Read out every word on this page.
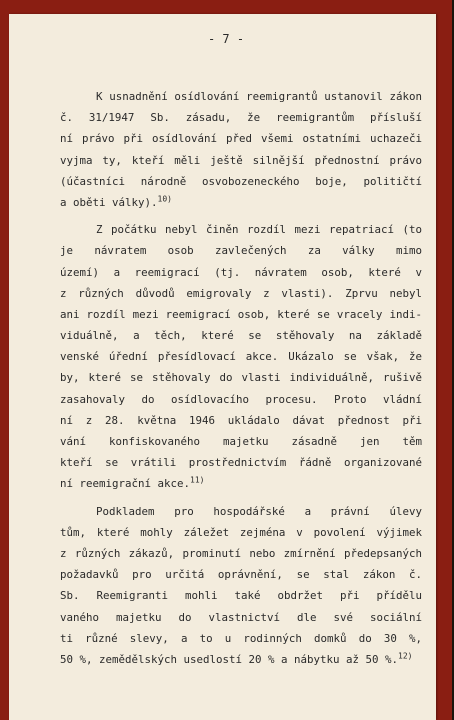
- 7 -
K usnadnění osídlování reemigrantů ustanovil zákon
č. 31/1947 Sb. zásadu, že reemigrantům přísluší
ní právo při osídlování před všemi ostatními uchazeči
vyjma ty, kteří měli ještě silnější přednostní právo
(účastníci národně osvobozeneckého boje, političtí
a oběti války).$^{10)}$
Z počátku nebyl činěn rozdíl mezi repatriací (to
je návratem osob zavlečených za války mimo
území) a reemigrací (tj. návratem osob, které v
z různých důvodů emigrovaly z vlasti). Zprvu nebyl
ani rozdíl mezi reemigrací osob, které se vracely indi-
viduálně, a těch, které se stěhovaly na základě
venské úřední přesídlovací akce. Ukázalo se však, že
by, které se stěhovaly do vlasti individuálně, rušivě
zasahovaly do osídlovacího procesu. Proto vládní
ní z 28. května 1946 ukládalo dávat přednost při
vání konfiskovaného majetku zásadně jen těm
kteří se vrátili prostřednictvím řádně organizované
ní reemigrační akce.$^{11)}$
Podkladem pro hospodářské a právní úlevy
tům, které mohly záležet zejména v povolení výjimek
z různých zákazů, prominutí nebo zmírnění předepsaných
požadavků pro určitá oprávnění, se stal zákon č.
Sb. Reemigranti mohli také obdržet při přídělu
vaného majetku do vlastnictví dle své sociální
ti různé slevy, a to u rodinných domků do 30 %,
50 %, zemědělských usedlostí 20 % a nábytku až 50 %.$^{12)}$
